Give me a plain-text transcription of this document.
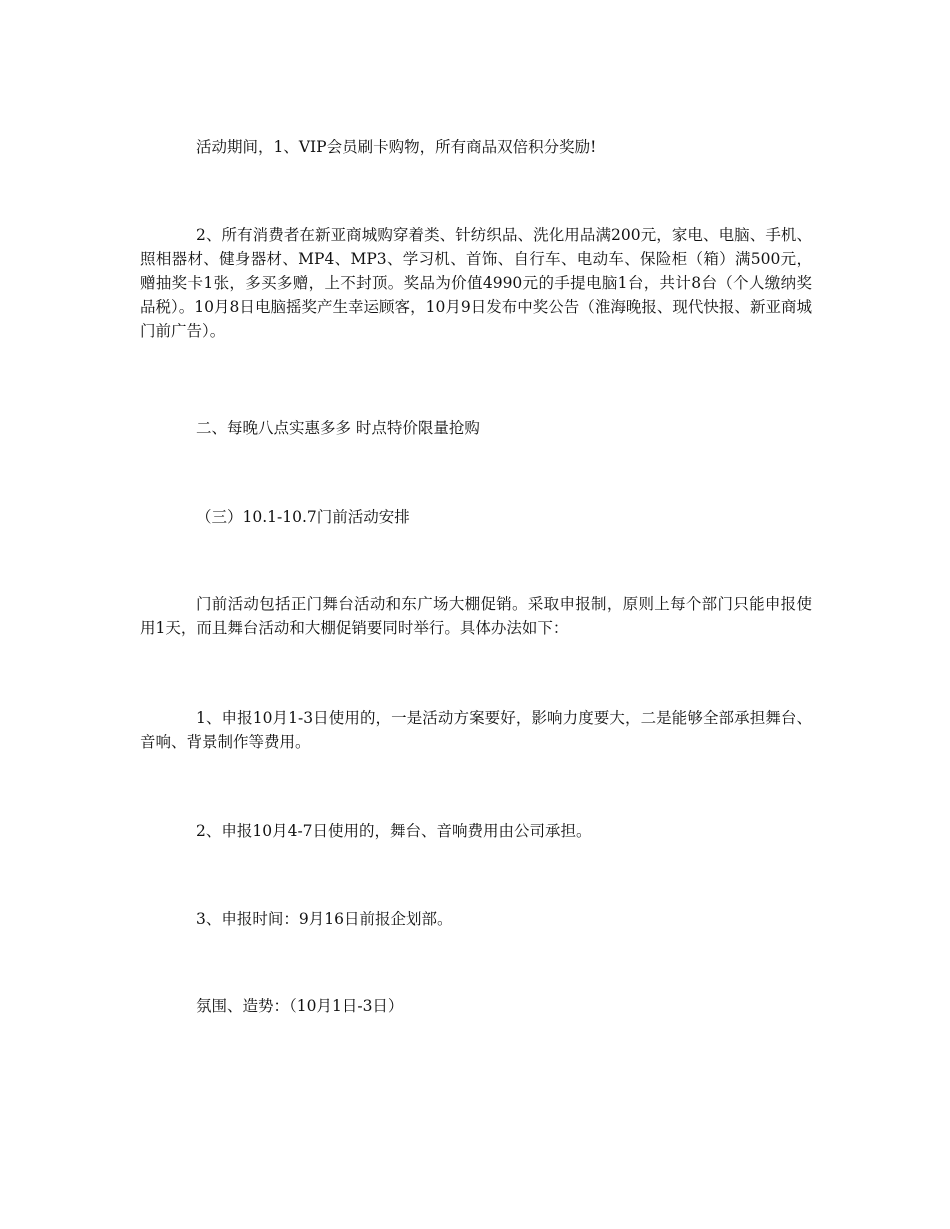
活动期间，1、VIP会员刷卡购物，所有商品双倍积分奖励!

2、所有消费者在新亚商城购穿着类、针纺织品、洗化用品满200元，家电、电脑、手机、照相器材、健身器材、MP4、MP3、学习机、首饰、自行车、电动车、保险柜（箱）满500元，赠抽奖卡1张，多买多赠，上不封顶。奖品为价值4990元的手提电脑1台，共计8台（个人缴纳奖品税）。10月8日电脑摇奖产生幸运顾客，10月9日发布中奖公告（淮海晚报、现代快报、新亚商城门前广告）。

二、每晚八点实惠多多 时点特价限量抢购

（三）10.1-10.7门前活动安排

门前活动包括正门舞台活动和东广场大棚促销。采取申报制，原则上每个部门只能申报使用1天，而且舞台活动和大棚促销要同时举行。具体办法如下：

1、申报10月1-3日使用的，一是活动方案要好，影响力度要大，二是能够全部承担舞台、音响、背景制作等费用。

2、申报10月4-7日使用的，舞台、音响费用由公司承担。

3、申报时间：9月16日前报企划部。

氛围、造势：（10月1日-3日）
